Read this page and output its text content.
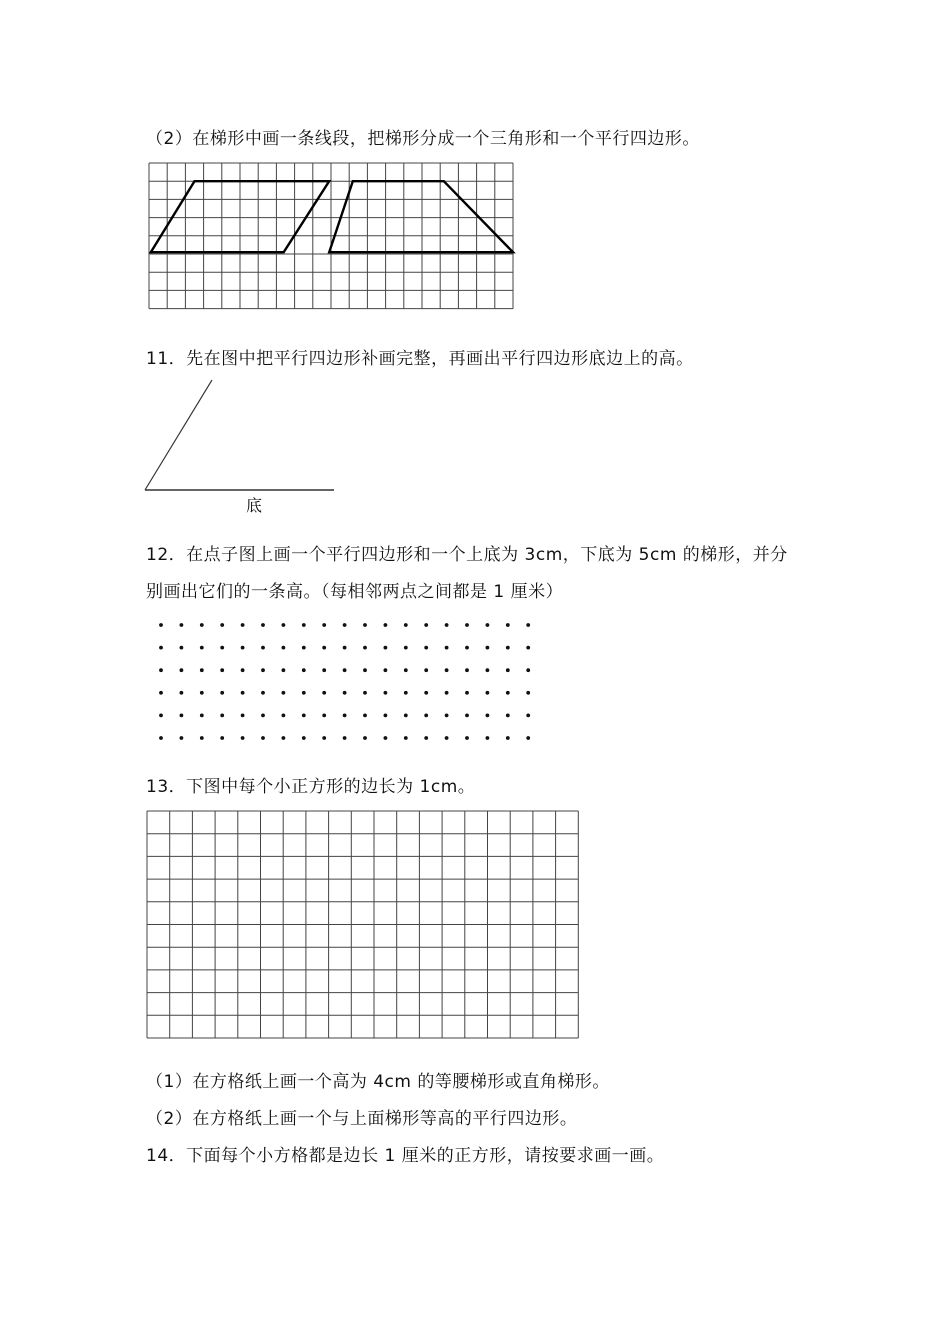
（2）在梯形中画一条线段，把梯形分成一个三角形和一个平行四边形。
11．先在图中把平行四边形补画完整，再画出平行四边形底边上的高。
底
12．在点子图上画一个平行四边形和一个上底为 3cm，下底为 5cm 的梯形，并分
别画出它们的一条高。（每相邻两点之间都是 1 厘米）
13．下图中每个小正方形的边长为 1cm。
（1）在方格纸上画一个高为 4cm 的等腰梯形或直角梯形。
（2）在方格纸上画一个与上面梯形等高的平行四边形。
14．下面每个小方格都是边长 1 厘米的正方形，请按要求画一画。
